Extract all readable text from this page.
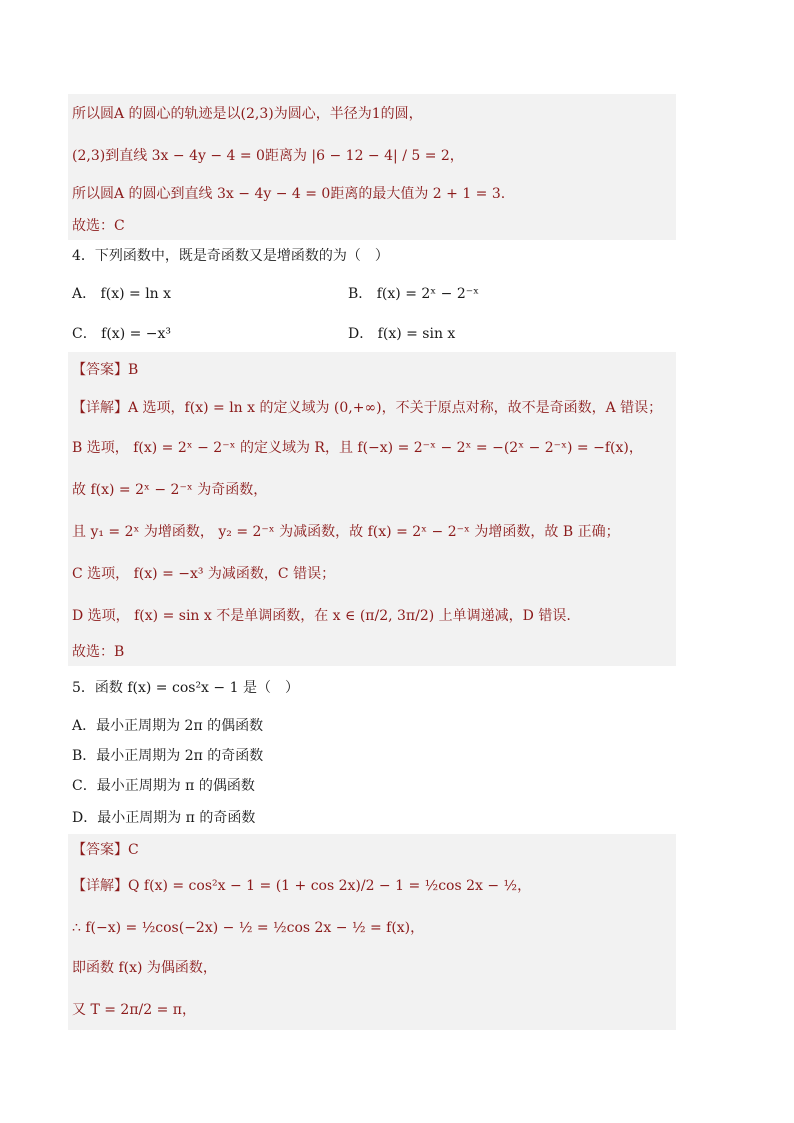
所以圆A 的圆心的轨迹是以(2,3)为圆心，半径为1的圆，
(2,3)到直线 3x − 4y − 4 = 0距离为 |6 − 12 − 4| / 5 = 2，
所以圆A 的圆心到直线 3x − 4y − 4 = 0距离的最大值为 2 + 1 = 3.
故选：C
4．下列函数中，既是奇函数又是增函数的为（　）
A． f(x) = ln x	B． f(x) = 2ˣ − 2⁻ˣ
C． f(x) = −x³	D． f(x) = sin x
【答案】B
【详解】A 选项，f(x) = ln x 的定义域为 (0,+∞)，不关于原点对称，故不是奇函数，A 错误；
B 选项， f(x) = 2ˣ − 2⁻ˣ 的定义域为 R，且 f(−x) = 2⁻ˣ − 2ˣ = −(2ˣ − 2⁻ˣ) = −f(x)，
故 f(x) = 2ˣ − 2⁻ˣ 为奇函数，
且 y₁ = 2ˣ 为增函数， y₂ = 2⁻ˣ 为减函数，故 f(x) = 2ˣ − 2⁻ˣ 为增函数，故 B 正确；
C 选项， f(x) = −x³ 为减函数，C 错误；
D 选项， f(x) = sin x 不是单调函数，在 x ∈ (π/2, 3π/2) 上单调递减，D 错误.
故选：B
5．函数 f(x) = cos²x − 1 是（　）
A．最小正周期为 2π 的偶函数
B．最小正周期为 2π 的奇函数
C．最小正周期为 π 的偶函数
D．最小正周期为 π 的奇函数
【答案】C
【详解】Q f(x) = cos²x − 1 = (1 + cos 2x)/2 − 1 = ½cos 2x − ½，
∴ f(−x) = ½cos(−2x) − ½ = ½cos 2x − ½ = f(x)，
即函数 f(x) 为偶函数，
又 T = 2π/2 = π，
